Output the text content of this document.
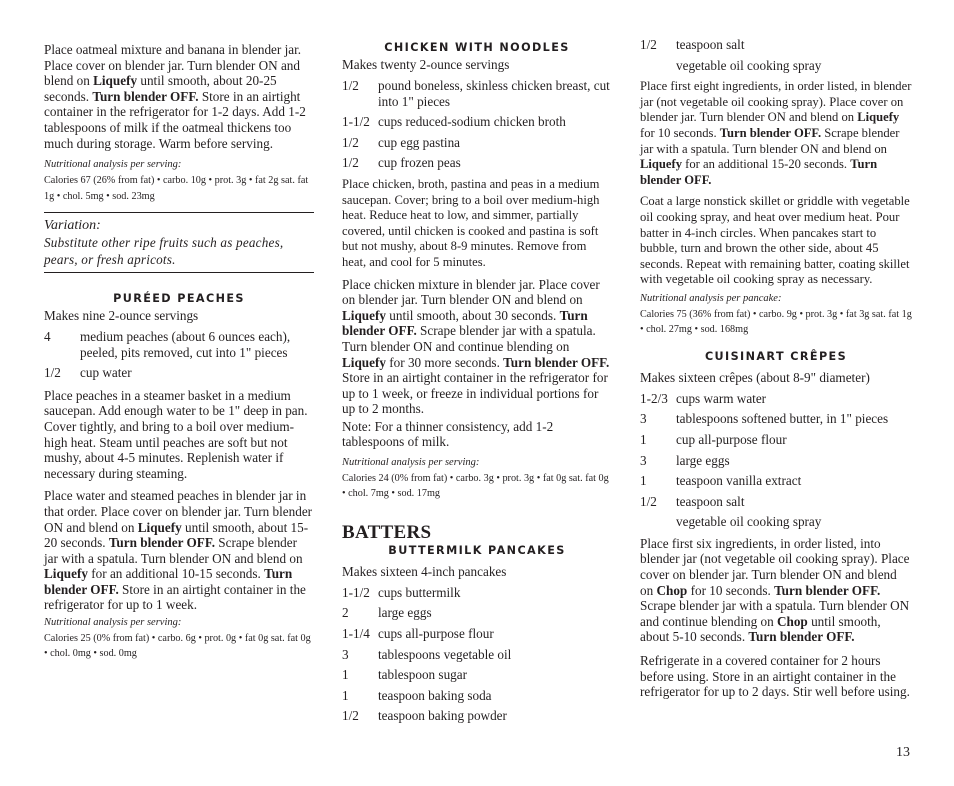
Place oatmeal mixture and banana in blender jar. Place cover on blender jar. Turn blender ON and blend on Liquefy until smooth, about 20-25 seconds. Turn blender OFF. Store in an airtight container in the refrigerator for 1-2 days. Add 1-2 tablespoons of milk if the oatmeal thickens too much during storage. Warm before serving.

Nutritional analysis per serving:

Calories 67 (26% from fat) • carbo. 10g • prot. 3g • fat 2g sat. fat 1g • chol. 5mg • sod. 23mg

Variation:

Substitute other ripe fruits such as peaches, pears, or fresh apricots.

PURÉED PEACHES

Makes nine 2-ounce servings

4	medium peaches (about 6 ounces each), peeled, pits removed, cut into 1" pieces
1/2	cup water

Place peaches in a steamer basket in a medium saucepan. Add enough water to be 1" deep in pan. Cover tightly, and bring to a boil over medium-high heat. Steam until peaches are soft but not mushy, about 4-5 minutes. Replenish water if necessary during steaming.

Place water and steamed peaches in blender jar in that order. Place cover on blender jar. Turn blender ON and blend on Liquefy until smooth, about 15-20 seconds. Turn blender OFF. Scrape blender jar with a spatula. Turn blender ON and blend on Liquefy for an additional 10-15 seconds. Turn blender OFF. Store in an airtight container in the refrigerator for up to 1 week.

Nutritional analysis per serving:

Calories 25 (0% from fat) • carbo. 6g • prot. 0g • fat 0g sat. fat 0g • chol. 0mg • sod. 0mg

CHICKEN WITH NOODLES

Makes twenty 2-ounce servings

1/2	pound boneless, skinless chicken breast, cut into 1" pieces
1-1/2 cups reduced-sodium chicken broth
1/2	cup egg pastina
1/2	cup frozen peas

Place chicken, broth, pastina and peas in a medium saucepan. Cover; bring to a boil over medium-high heat. Reduce heat to low, and simmer, partially covered, until chicken is cooked and pastina is soft but not mushy, about 8-9 minutes. Remove from heat, and cool for 5 minutes.

Place chicken mixture in blender jar. Place cover on blender jar. Turn blender ON and blend on Liquefy until smooth, about 30 seconds. Turn blender OFF. Scrape blender jar with a spatula. Turn blender ON and continue blending on Liquefy for 30 more seconds. Turn blender OFF. Store in an airtight container in the refrigerator for up to 1 week, or freeze in individual portions for up to 2 months.

Note: For a thinner consistency, add 1-2 tablespoons of milk.

Nutritional analysis per serving:

Calories 24 (0% from fat) • carbo. 3g • prot. 3g • fat 0g sat. fat 0g • chol. 7mg • sod. 17mg

BATTERS

BUTTERMILK PANCAKES

Makes sixteen 4-inch pancakes

1-1/2 cups buttermilk
2	large eggs
1-1/4 cups all-purpose flour
3	tablespoons vegetable oil
1	tablespoon sugar
1	teaspoon baking soda
1/2	teaspoon baking powder
1/2	teaspoon salt
vegetable oil cooking spray

Place first eight ingredients, in order listed, in blender jar (not vegetable oil cooking spray). Place cover on blender jar. Turn blender ON and blend on Liquefy for 10 seconds. Turn blender OFF. Scrape blender jar with a spatula. Turn blender ON and blend on Liquefy for an additional 15-20 seconds. Turn blender OFF.

Coat a large nonstick skillet or griddle with vegetable oil cooking spray, and heat over medium heat. Pour batter in 4-inch circles. When pancakes start to bubble, turn and brown the other side, about 45 seconds. Repeat with remaining batter, coating skillet with vegetable oil cooking spray as necessary.

Nutritional analysis per pancake:

Calories 75 (36% from fat) • carbo. 9g • prot. 3g • fat 3g sat. fat 1g • chol. 27mg • sod. 168mg

CUISINART CRÊPES

Makes sixteen crêpes (about 8-9" diameter)

1-2/3 cups warm water
3	tablespoons softened butter, in 1" pieces
1	cup all-purpose flour
3	large eggs
1	teaspoon vanilla extract
1/2	teaspoon salt
vegetable oil cooking spray

Place first six ingredients, in order listed, into blender jar (not vegetable oil cooking spray). Place cover on blender jar. Turn blender ON and blend on Chop for 10 seconds. Turn blender OFF. Scrape blender jar with a spatula. Turn blender ON and continue blending on Chop until smooth, about 5-10 seconds. Turn blender OFF.

Refrigerate in a covered container for 2 hours before using. Store in an airtight container in the refrigerator for up to 2 days. Stir well before using.

13
